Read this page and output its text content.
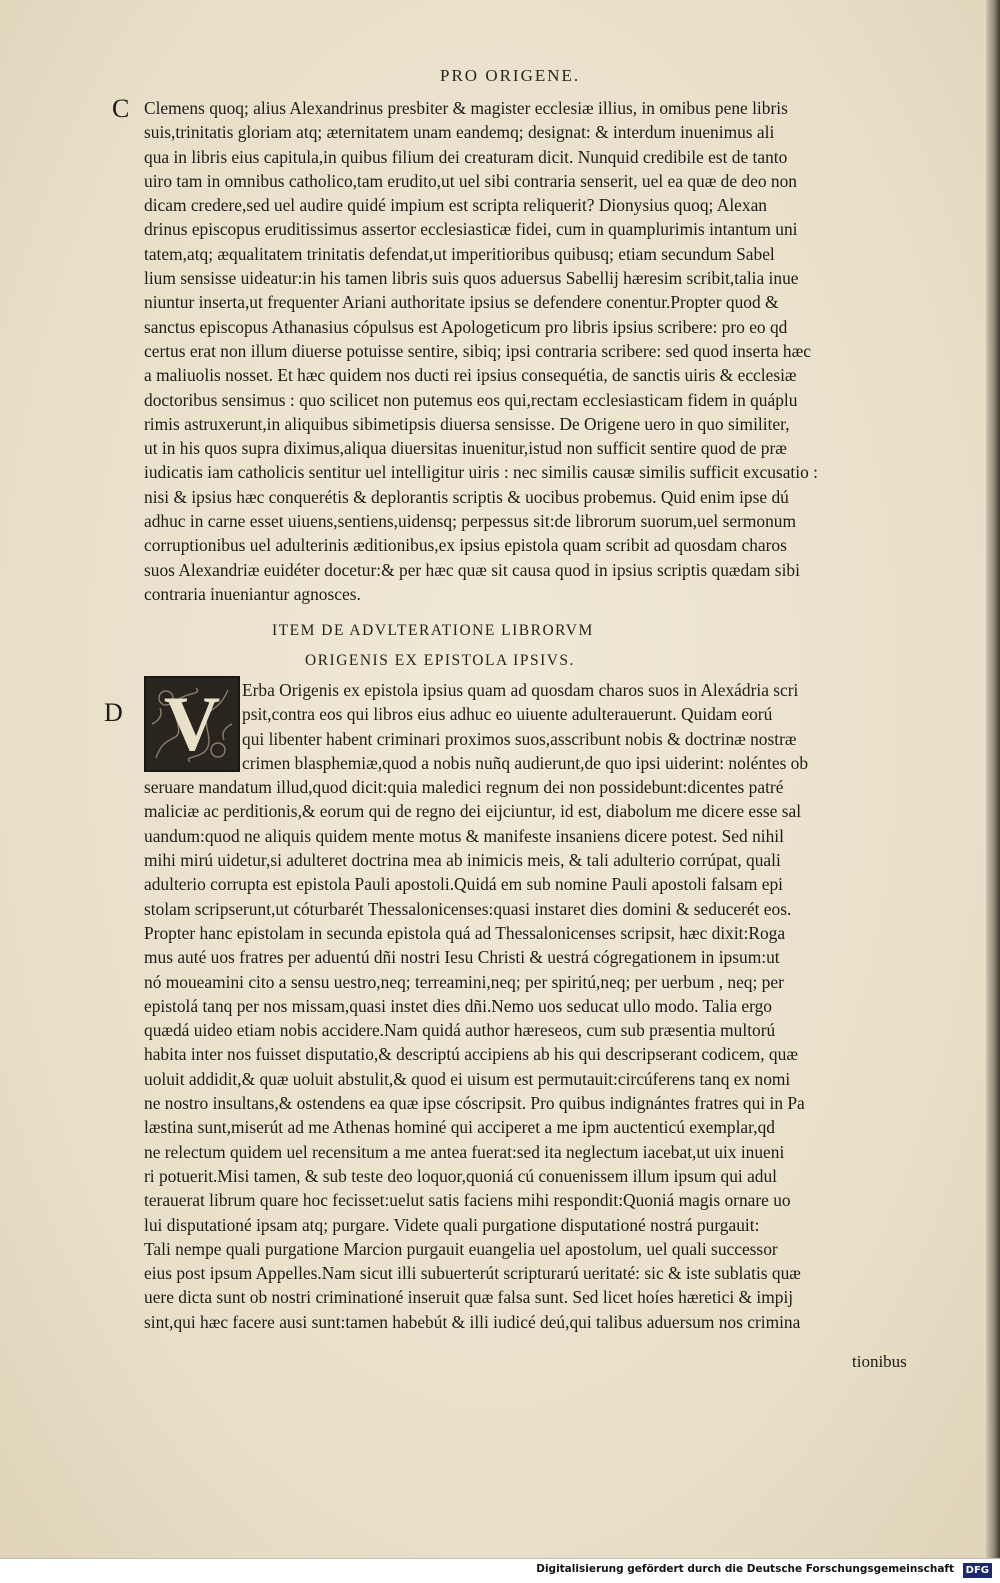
PRO ORIGENE.
C Clemens quoq; alius Alexandrinus presbiter & magister ecclesiæ illius, in omibus pene libris
suis,trinitatis gloriam atq; æternitatem unam eandemq; designat: & interdum inuenimus ali
qua in libris eius capitula,in quibus filium dei creaturam dicit. Nunquid credibile est de tanto
uiro tam in omnibus catholico,tam erudito,ut uel sibi contraria senserit, uel ea quæ de deo non
dicam credere,sed uel audire quidé impium est scripta reliquerit? Dionysius quoq; Alexan
drinus episcopus eruditissimus assertor ecclesiasticæ fidei, cum in quamplurimis intantum uni
tatem,atq; æqualitatem trinitatis defendat,ut imperitioribus quibusq; etiam secundum Sabel
lium sensisse uideatur:in his tamen libris suis quos aduersus Sabellij hæresim scribit,talia inue
niuntur inserta,ut frequenter Ariani authoritate ipsius se defendere conentur.Propter quod &
sanctus episcopus Athanasius cópulsus est Apologeticum pro libris ipsius scribere: pro eo qd
certus erat non illum diuerse potuisse sentire, sibiq; ipsi contraria scribere: sed quod inserta hæc
a maliuolis nosset. Et hæc quidem nos ducti rei ipsius consequétia, de sanctis uiris & ecclesiæ
doctoribus sensimus : quo scilicet non putemus eos qui,rectam ecclesiasticam fidem in quáplu
rimis astruxerunt,in aliquibus sibimetipsis diuersa sensisse. De Origene uero in quo similiter,
ut in his quos supra diximus,aliqua diuersitas inuenitur,istud non sufficit sentire quod de præ
iudicatis iam catholicis sentitur uel intelligitur uiris : nec similis causæ similis sufficit excusatio :
nisi & ipsius hæc conquerétis & deplorantis scriptis & uocibus probemus. Quid enim ipse dú
adhuc in carne esset uiuens,sentiens,uidensq; perpessus sit:de librorum suorum,uel sermonum
corruptionibus uel adulterinis æditionibus,ex ipsius epistola quam scribit ad quosdam charos
suos Alexandriæ euidéter docetur:& per hæc quæ sit causa quod in ipsius scriptis quædam sibi
contraria inueniantur agnosces.
ITEM DE ADVLTERATIONE LIBRORVM
ORIGENIS EX EPISTOLA IPSIVS.
D V	Erba Origenis ex epistola ipsius quam ad quosdam charos suos in Alexádria scri
psit,contra eos qui libros eius adhuc eo uiuente adulterauerunt. Quidam eorú
qui libenter habent criminari proximos suos,asscribunt nobis & doctrinæ nostræ
crimen blasphemiæ,quod a nobis nuñq audierunt,de quo ipsi uiderint: noléntes ob
seruare mandatum illud,quod dicit:quia maledici regnum dei non possidebunt:dicentes patré
maliciæ ac perditionis,& eorum qui de regno dei eijciuntur, id est, diabolum me dicere esse sal
uandum:quod ne aliquis quidem mente motus & manifeste insaniens dicere potest. Sed nihil
mihi mirú uidetur,si adulteret doctrina mea ab inimicis meis, & tali adulterio corrúpat, quali
adulterio corrupta est epistola Pauli apostoli.Quidá em sub nomine Pauli apostoli falsam epi
stolam scripserunt,ut cóturbarét Thessalonicenses:quasi instaret dies domini & seducerét eos.
Propter hanc epistolam in secunda epistola quá ad Thessalonicenses scripsit, hæc dixit:Roga
mus auté uos fratres per aduentú dñi nostri Iesu Christi & uestrá cógregationem in ipsum:ut
nó moueamini cito a sensu uestro,neq; terreamini,neq; per spiritú,neq; per uerbum , neq; per
epistolá tanq per nos missam,quasi instet dies dñi.Nemo uos seducat ullo modo. Talia ergo
quædá uideo etiam nobis accidere.Nam quidá author hæreseos, cum sub præsentia multorú
habita inter nos fuisset disputatio,& descriptú accipiens ab his qui descripserant codicem, quæ
uoluit addidit,& quæ uoluit abstulit,& quod ei uisum est permutauit:circúferens tanq ex nomi
ne nostro insultans,& ostendens ea quæ ipse cóscripsit. Pro quibus indignántes fratres qui in Pa
læstina sunt,miserút ad me Athenas hominé qui acciperet a me ipm auctenticú exemplar,qd
ne relectum quidem uel recensitum a me antea fuerat:sed ita neglectum iacebat,ut uix inueni
ri potuerit.Misi tamen, & sub teste deo loquor,quoniá cú conuenissem illum ipsum qui adul
terauerat librum quare hoc fecisset:uelut satis faciens mihi respondit:Quoniá magis ornare uo
lui disputationé ipsam atq; purgare. Videte quali purgatione disputationé nostrá purgauit:
Tali nempe quali purgatione Marcion purgauit euangelia uel apostolum, uel quali successor
eius post ipsum Appelles.Nam sicut illi subuerterút scripturarú ueritaté: sic & iste sublatis quæ
uere dicta sunt ob nostri criminationé inseruit quæ falsa sunt. Sed licet hoíes hæretici & impij
sint,qui hæc facere ausi sunt:tamen habebút & illi iudicé deú,qui talibus aduersum nos crimina
tionibus
Digitalisierung gefördert durch die Deutsche Forschungsgemeinschaft	DFG
